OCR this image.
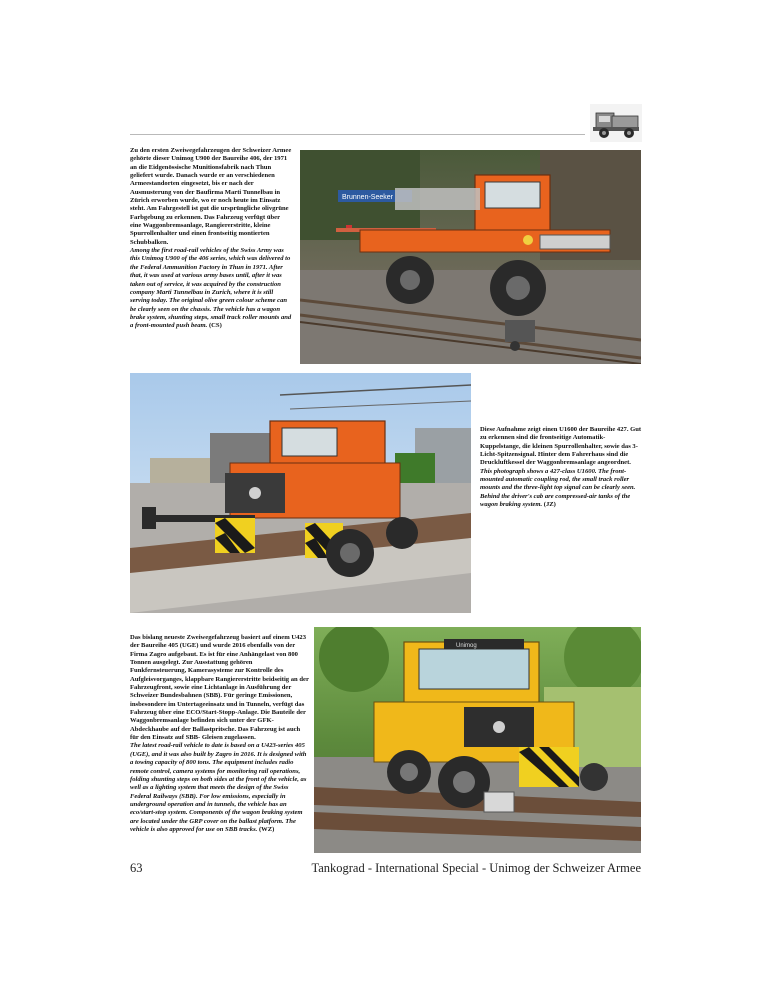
Zu den ersten Zweiwegefahrzeugen der Schweizer Armee gehörte dieser Unimog U900 der Baureihe 406, der 1971 an die Eidgenössische Munitionsfabrik nach Thun geliefert wurde. Danach wurde er an verschiedenen Armeestandorten eingesetzt, bis er nach der Ausmusterung von der Baufirma Marti Tunnelbau in Zürich erworben wurde, wo er noch heute im Einsatz steht. Am Fahrgestell ist gut die ursprüngliche olivgrüne Farbgebung zu erkennen. Das Fahrzeug verfügt über eine Waggonbremsanlage, Rangiererstritte, kleine Spurrollenhalter und einen frontseitig montierten Schubbalken.

Among the first road-rail vehicles of the Swiss Army was this Unimog U900 of the 406 series, which was delivered to the Federal Ammunition Factory in Thun in 1971. After that, it was used at various army bases until, after it was taken out of service, it was acquired by the construction company Marti Tunnelbau in Zurich, where it is still serving today. The original olive green colour scheme can be clearly seen on the chassis. The vehicle has a wagon brake system, shunting steps, small track roller mounts and a front-mounted push beam. (CS)

Brunnen-Seeker

Diese Aufnahme zeigt einen U1600 der Baureihe 427. Gut zu erkennen sind die frontseitige Automatik-Kuppelstange, die kleinen Spurrollenhalter, sowie das 3-Licht-Spitzensignal. Hinter dem Fahrerhaus sind die Druckluftkessel der Waggonbremsanlage angeordnet. This photograph shows a 427-class U1600. The front-mounted automatic coupling rod, the small track roller mounts and the three-light top signal can be clearly seen. Behind the driver's cab are compressed-air tanks of the wagon braking system. (JZ)

Das bislang neueste Zweiwegefahrzeug basiert auf einem U423 der Baureihe 405 (UGE) und wurde 2016 ebenfalls von der Firma Zagro aufgebaut. Es ist für eine Anhängelast von 800 Tonnen ausgelegt. Zur Ausstattung gehören Funkfernsteuerung, Kamerasysteme zur Kontrolle des Aufgleisvorganges, klappbare Rangiererstritte beidseitig an der Fahrzeugfront, sowie eine Lichtanlage in Ausführung der Schweizer Bundesbahnen (SBB). Für geringe Emissionen, insbesondere im Untertageeinsatz und in Tunneln, verfügt das Fahrzeug über eine ECO/Start-Stopp-Anlage. Die Bauteile der Waggonbremsanlage befinden sich unter der GFK-Abdeckhaube auf der Ballastpritsche. Das Fahrzeug ist auch für den Einsatz auf SBB- Gleisen zugelassen.

The latest road-rail vehicle to date is based on a U423-series 405 (UGE), and it was also built by Zagro in 2016. It is designed with a towing capacity of 800 tons. The equipment includes radio remote control, camera systems for monitoring rail operations, folding shunting steps on both sides at the front of the vehicle, as well as a lighting system that meets the design of the Swiss Federal Railways (SBB). For low emissions, especially in underground operation and in tunnels, the vehicle has an eco/start-stop system. Components of the wagon braking system are located under the GRP cover on the ballast platform. The vehicle is also approved for use on SBB tracks. (WZ)

Unimog
63	Tankograd - International Special - Unimog der Schweizer Armee
